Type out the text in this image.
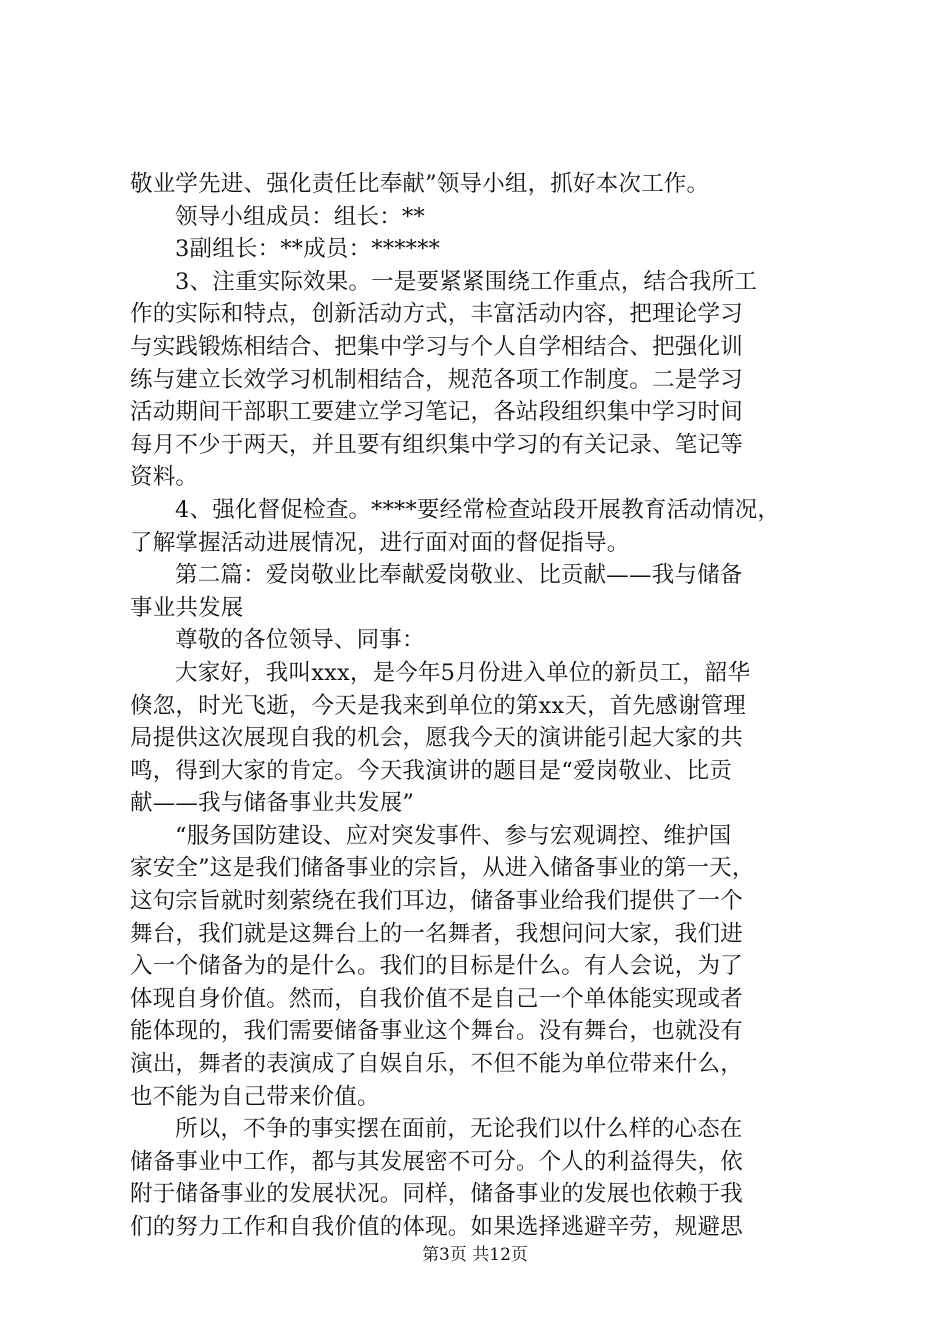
敬业学先进、强化责任比奉献”领导小组，抓好本次工作。
领导小组成员：组长：**
3副组长：**成员：******
3、注重实际效果。一是要紧紧围绕工作重点，结合我所工
作的实际和特点，创新活动方式，丰富活动内容，把理论学习
与实践锻炼相结合、把集中学习与个人自学相结合、把强化训
练与建立长效学习机制相结合，规范各项工作制度。二是学习
活动期间干部职工要建立学习笔记，各站段组织集中学习时间
每月不少于两天，并且要有组织集中学习的有关记录、笔记等
资料。
4、强化督促检查。****要经常检查站段开展教育活动情况，
了解掌握活动进展情况，进行面对面的督促指导。
第二篇：爱岗敬业比奉献爱岗敬业、比贡献——我与储备
事业共发展
尊敬的各位领导、同事：
大家好，我叫xxx，是今年5月份进入单位的新员工，韶华
倏忽，时光飞逝，今天是我来到单位的第xx天，首先感谢管理
局提供这次展现自我的机会，愿我今天的演讲能引起大家的共
鸣，得到大家的肯定。今天我演讲的题目是“爱岗敬业、比贡
献——我与储备事业共发展”
“服务国防建设、应对突发事件、参与宏观调控、维护国
家安全”这是我们储备事业的宗旨，从进入储备事业的第一天，
这句宗旨就时刻萦绕在我们耳边，储备事业给我们提供了一个
舞台，我们就是这舞台上的一名舞者，我想问问大家，我们进
入一个储备为的是什么。我们的目标是什么。有人会说，为了
体现自身价值。然而，自我价值不是自己一个单体能实现或者
能体现的，我们需要储备事业这个舞台。没有舞台，也就没有
演出，舞者的表演成了自娱自乐，不但不能为单位带来什么，
也不能为自己带来价值。
所以，不争的事实摆在面前，无论我们以什么样的心态在
储备事业中工作，都与其发展密不可分。个人的利益得失，依
附于储备事业的发展状况。同样，储备事业的发展也依赖于我
们的努力工作和自我价值的体现。如果选择逃避辛劳，规避思
第3页 共12页
